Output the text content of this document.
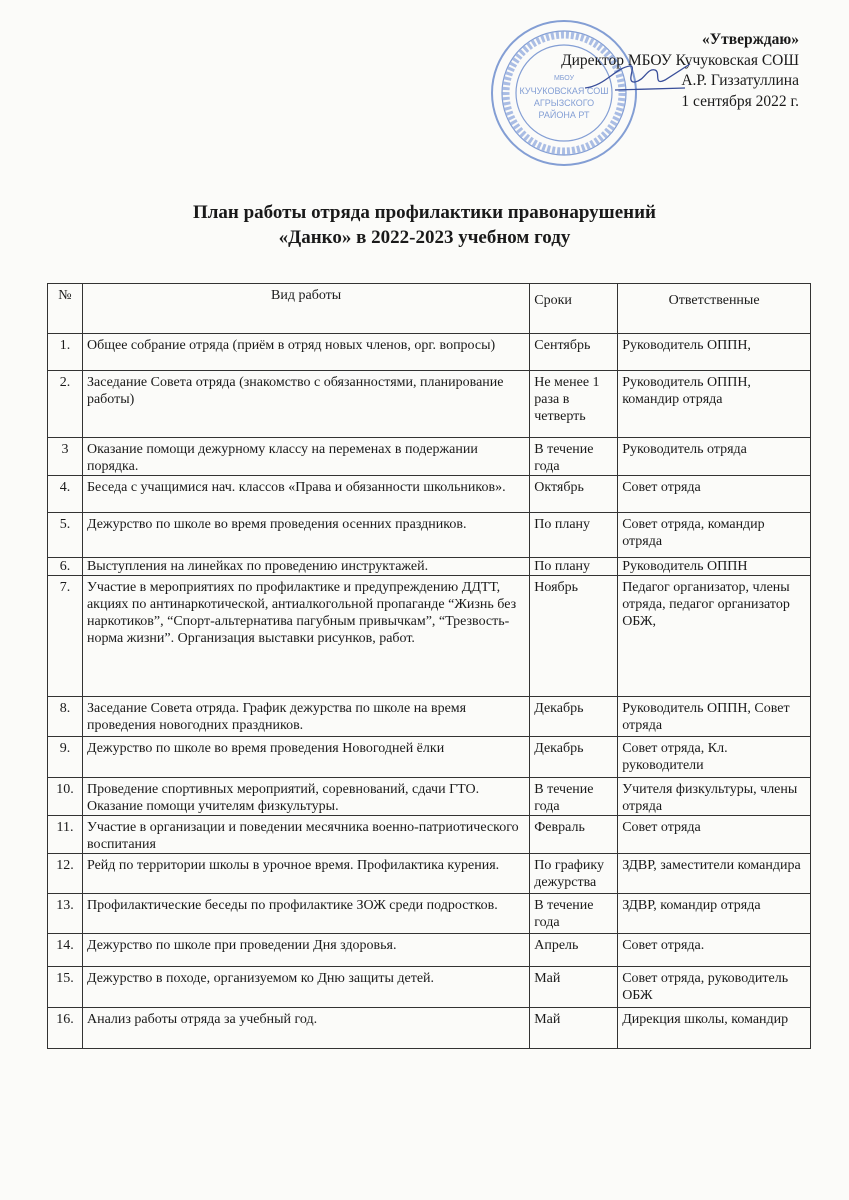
МБОУ
КУЧУКОВСКАЯ СОШ
АГРЫЗСКОГО
РАЙОНА РТ
«Утверждаю»
Директор МБОУ Кучуковская СОШ
А.Р. Гиззатуллина
1 сентября 2022 г.
План работы отряда профилактики правонарушений
«Данко» в 2022-2023 учебном году
№	Вид работы	Сроки	Ответственные
1.	Общее собрание отряда (приём в отряд новых членов, орг. вопросы)	Сентябрь	Руководитель ОППН,
2.	Заседание Совета отряда (знакомство с обязанностями, планирование работы)	Не менее 1 раза в четверть	Руководитель ОППН, командир отряда
3	Оказание помощи дежурному классу на переменах в подержании порядка.	В течение года	Руководитель отряда
4.	Беседа с учащимися нач. классов «Права и обязанности школьников».	Октябрь	Совет отряда
5.	Дежурство по школе во время проведения осенних праздников.	По плану	Совет отряда, командир отряда
6.	Выступления на линейках по проведению инструктажей.	По плану	Руководитель ОППН
7.	Участие в мероприятиях по профилактике и предупреждению ДДТТ, акциях по антинаркотической, антиалкогольной пропаганде “Жизнь без наркотиков”, “Спорт-альтернатива пагубным привычкам”, “Трезвость-норма жизни”. Организация выставки рисунков, работ.	Ноябрь	Педагог организатор, члены отряда, педагог организатор ОБЖ,
8.	Заседание Совета отряда. График дежурства по школе на время проведения новогодних праздников.	Декабрь	Руководитель ОППН, Совет отряда
9.	Дежурство по школе во время проведения Новогодней ёлки	Декабрь	Совет отряда, Кл. руководители
10.	Проведение спортивных мероприятий, соревнований, сдачи ГТО. Оказание помощи учителям физкультуры.	В течение года	Учителя физкультуры, члены отряда
11.	Участие в организации и поведении месячника военно-патриотического воспитания	Февраль	Совет отряда
12.	Рейд по территории школы в урочное время. Профилактика курения.	По графику дежурства	ЗДВР, заместители командира
13.	Профилактические беседы по профилактике ЗОЖ среди подростков.	В течение года	ЗДВР, командир отряда
14.	Дежурство по школе при проведении Дня здоровья.	Апрель	Совет отряда.
15.	Дежурство в походе, организуемом ко Дню защиты детей.	Май	Совет отряда, руководитель ОБЖ
16.	Анализ работы отряда за учебный год.	Май	Дирекция школы, командир
